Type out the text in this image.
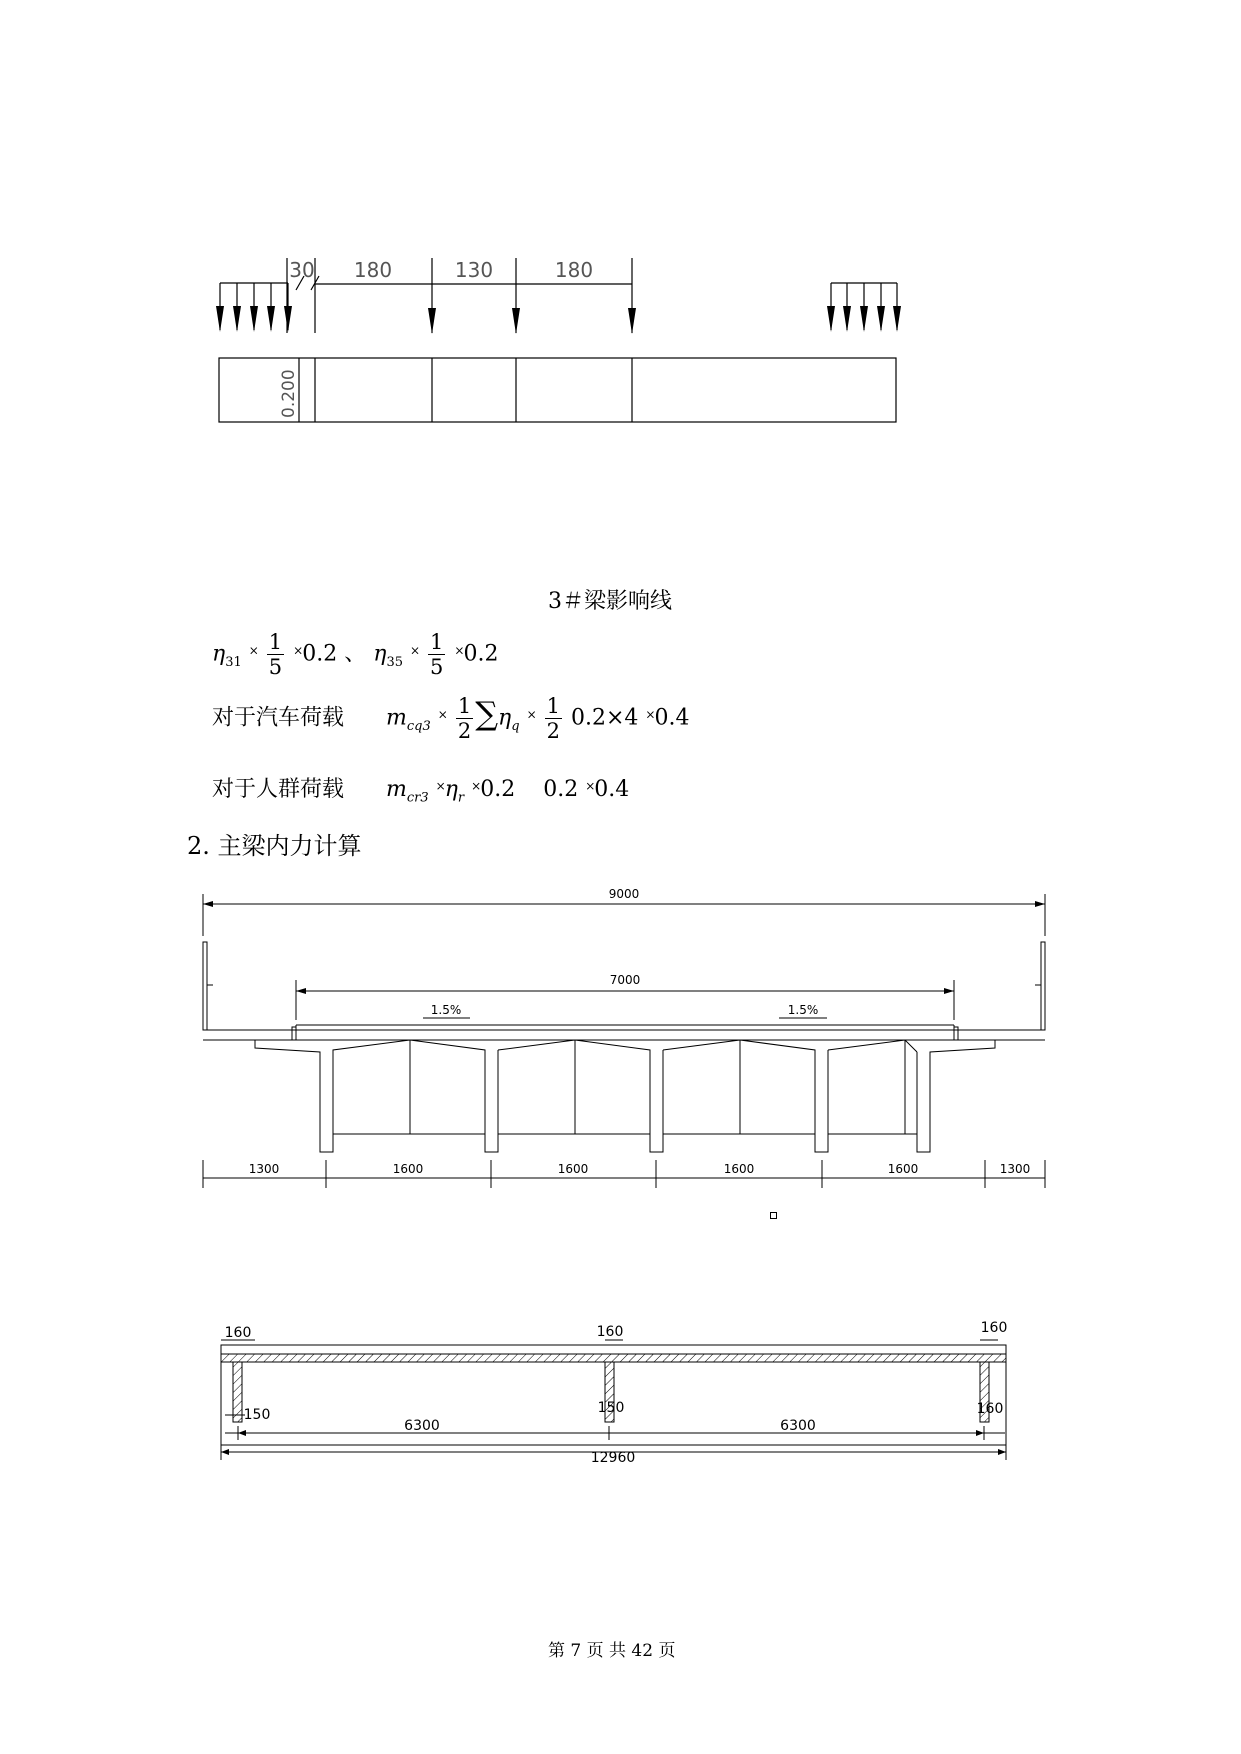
30 180	130	180
0.200
3＃梁影响线
$\eta_{31}$ $^\times \frac{1}{5} ^\times 0.2$ 、 $\eta_{35}$ $^\times \frac{1}{5} ^\times 0.2$
对于汽车荷载 $m_{cq3}$ $^\times \frac{1}{2} \sum\eta_q$ $^\times \frac{1}{2} 0.2\times 4$ ×0.4
对于人群荷载 $m_{cr3}$ $^\times\eta_r$ ×0.2 0.2 ×0.4
2. 主梁内力计算
9000
7000
1.5%	1.5%
1300	1600	1600	1600	1600	1300
160	160	160
150	150	160
6300	6300
12960
第 7 页 共 42 页
